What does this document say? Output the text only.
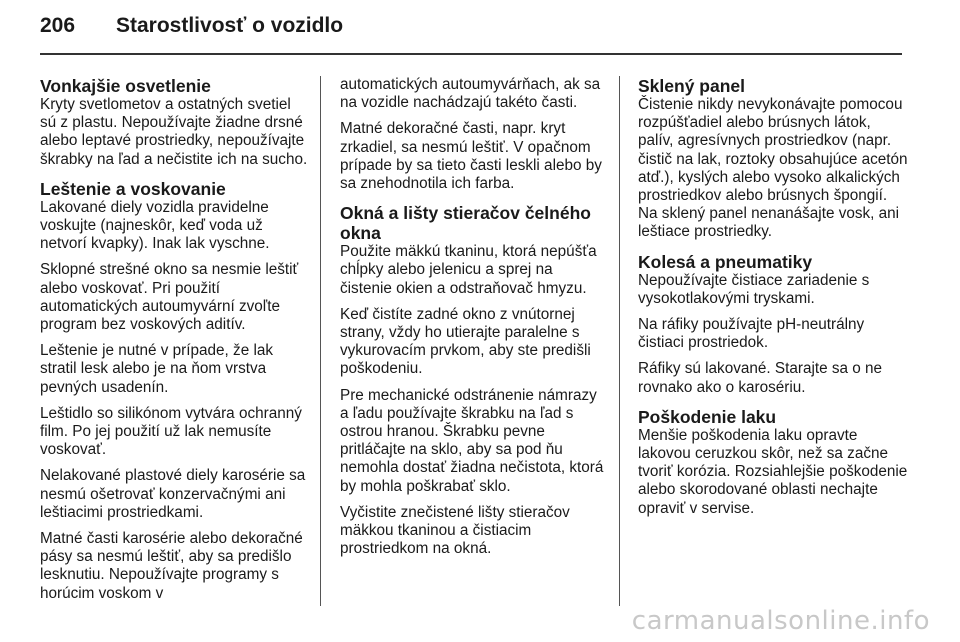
206 Starostlivosť o vozidlo
Vonkajšie osvetlenie

Kryty svetlometov a ostatných svetiel sú z plastu. Nepoužívajte žiadne drsné alebo leptavé prostriedky, nepoužívajte škrabky na ľad a nečistite ich na sucho.

Leštenie a voskovanie

Lakované diely vozidla pravidelne voskujte (najneskôr, keď voda už netvorí kvapky). Inak lak vyschne.

Sklopné strešné okno sa nesmie leštiť alebo voskovať. Pri použití automatických autoumyvární zvoľte program bez voskových aditív.

Leštenie je nutné v prípade, že lak stratil lesk alebo je na ňom vrstva pevných usadenín.

Leštidlo so silikónom vytvára ochranný film. Po jej použití už lak nemusíte voskovať.

Nelakované plastové diely karosérie sa nesmú ošetrovať konzervačnými ani leštiacimi prostriedkami.

Matné časti karosérie alebo dekoračné pásy sa nesmú leštiť, aby sa predišlo lesknutiu. Nepoužívajte programy s horúcim voskom v

automatických autoumyvárňach, ak sa na vozidle nachádzajú takéto časti.

Matné dekoračné časti, napr. kryt zrkadiel, sa nesmú leštiť. V opačnom prípade by sa tieto časti leskli alebo by sa znehodnotila ich farba.

Okná a lišty stieračov čelného okna

Použite mäkkú tkaninu, ktorá nepúšťa chĺpky alebo jelenicu a sprej na čistenie okien a odstraňovač hmyzu.

Keď čistíte zadné okno z vnútornej strany, vždy ho utierajte paralelne s vykurovacím prvkom, aby ste predišli poškodeniu.

Pre mechanické odstránenie námrazy a ľadu používajte škrabku na ľad s ostrou hranou. Škrabku pevne pritláčajte na sklo, aby sa pod ňu nemohla dostať žiadna nečistota, ktorá by mohla poškrabať sklo.

Vyčistite znečistené lišty stieračov mäkkou tkaninou a čistiacim prostriedkom na okná.

Sklený panel

Čistenie nikdy nevykonávajte pomocou rozpúšťadiel alebo brúsnych látok, palív, agresívnych prostriedkov (napr. čistič na lak, roztoky obsahujúce acetón atď.), kyslých alebo vysoko alkalických prostriedkov alebo brúsnych špongií. Na sklený panel nenanášajte vosk, ani leštiace prostriedky.

Kolesá a pneumatiky

Nepoužívajte čistiace zariadenie s vysokotlakovými tryskami.

Na ráfiky používajte pH-neutrálny čistiaci prostriedok.

Ráfiky sú lakované. Starajte sa o ne rovnako ako o karosériu.

Poškodenie laku

Menšie poškodenia laku opravte lakovou ceruzkou skôr, než sa začne tvoriť korózia. Rozsiahlejšie poškodenie alebo skorodované oblasti nechajte opraviť v servise.

carmanualsonline.info
